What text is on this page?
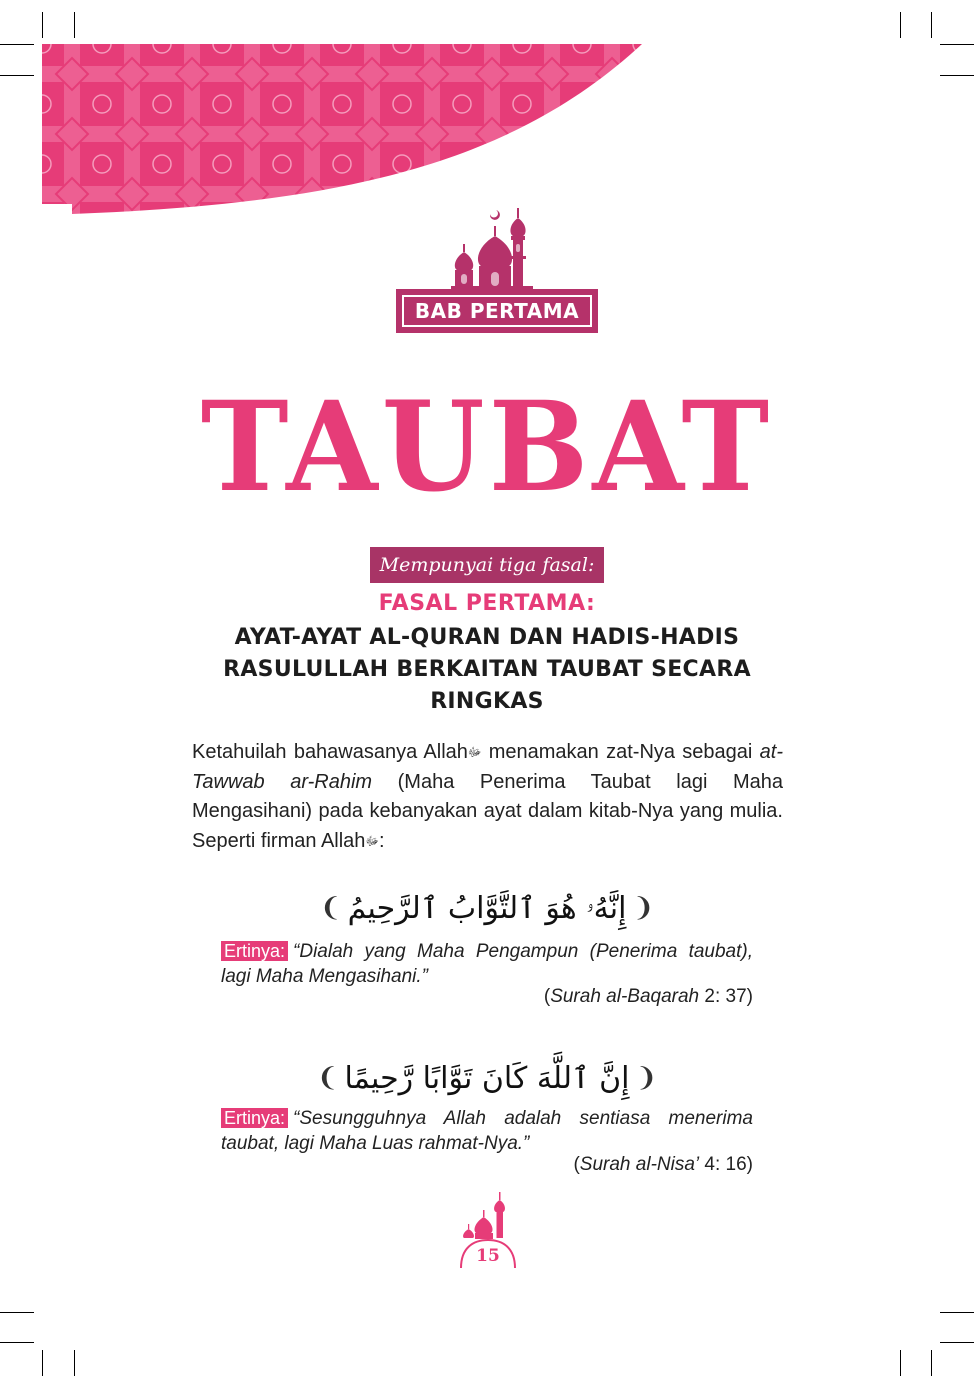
BAB PERTAMA
TAUBAT
Mempunyai tiga fasal:
FASAL PERTAMA:
AYAT-AYAT AL-QURAN DAN HADIS-HADIS RASULULLAH BERKAITAN TAUBAT SECARA RINGKAS

Ketahuilah bahawasanya Allahﷻ menamakan zat-Nya sebagai at-Tawwab ar-Rahim (Maha Penerima Taubat lagi Maha Mengasihani) pada kebanyakan ayat dalam kitab-Nya yang mulia. Seperti firman Allahﷻ:

❨
إِنَّهُۥ هُوَ ٱلتَّوَّابُ ٱلرَّحِيمُ
❩

Ertinya: “Dialah yang Maha Pengampun (Penerima taubat), lagi Maha Mengasihani.”

(Surah al-Baqarah 2: 37)
❨
إِنَّ ٱللَّهَ كَانَ تَوَّابًا رَّحِيمًا
❩

Ertinya: “Sesungguhnya Allah adalah sentiasa menerima taubat, lagi Maha Luas rahmat-Nya.”

(Surah al-Nisa’ 4: 16)
15
